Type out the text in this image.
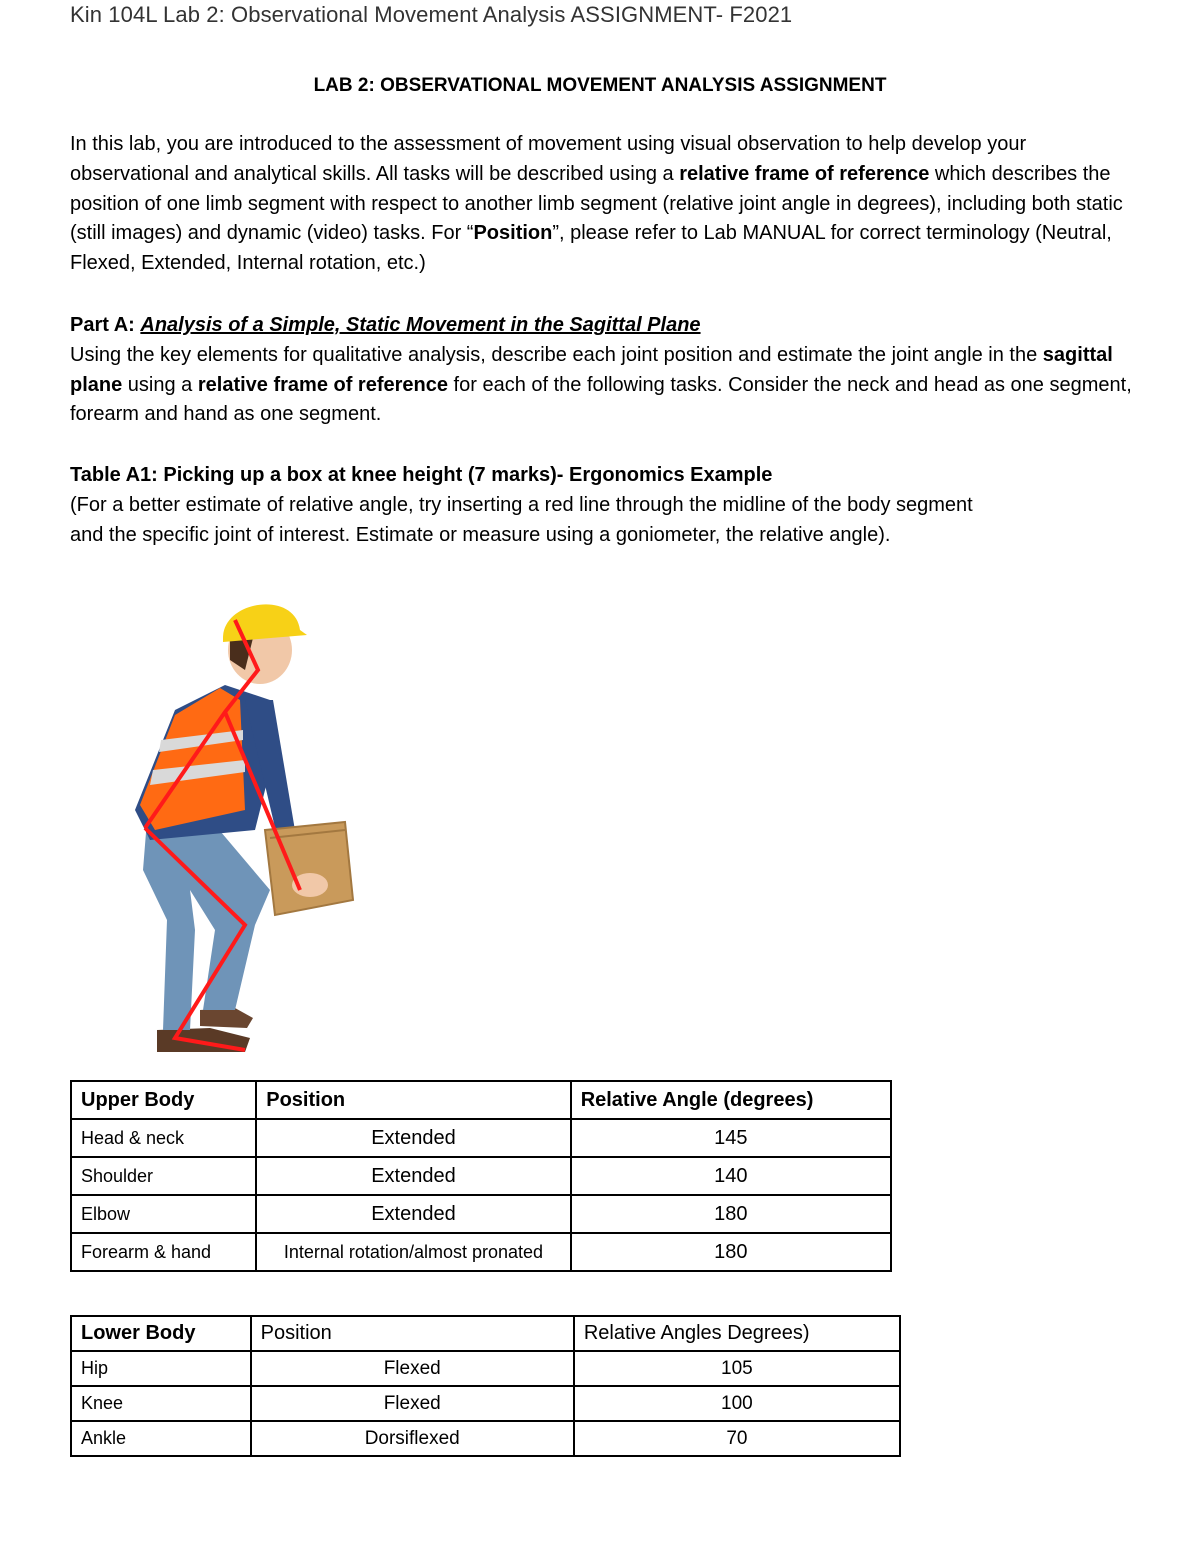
Kin 104L Lab 2: Observational Movement Analysis ASSIGNMENT- F2021
LAB 2: OBSERVATIONAL MOVEMENT ANALYSIS ASSIGNMENT
In this lab, you are introduced to the assessment of movement using visual observation to help develop your observational and analytical skills. All tasks will be described using a relative frame of reference which describes the position of one limb segment with respect to another limb segment (relative joint angle in degrees), including both static (still images) and dynamic (video) tasks. For “Position”, please refer to Lab MANUAL for correct terminology (Neutral, Flexed, Extended, Internal rotation, etc.)
Part A: Analysis of a Simple, Static Movement in the Sagittal Plane
Using the key elements for qualitative analysis, describe each joint position and estimate the joint angle in the sagittal plane using a relative frame of reference for each of the following tasks. Consider the neck and head as one segment, forearm and hand as one segment.
Table A1: Picking up a box at knee height (7 marks)- Ergonomics Example
(For a better estimate of relative angle, try inserting a red line through the midline of the body segment and the specific joint of interest. Estimate or measure using a goniometer, the relative angle).
Upper Body	Position	Relative Angle (degrees)
Head & neck	Extended	145
Shoulder	Extended	140
Elbow	Extended	180
Forearm & hand	Internal rotation/almost pronated	180
Lower Body	Position	Relative Angles Degrees)
Hip	Flexed	105
Knee	Flexed	100
Ankle	Dorsiflexed	70
